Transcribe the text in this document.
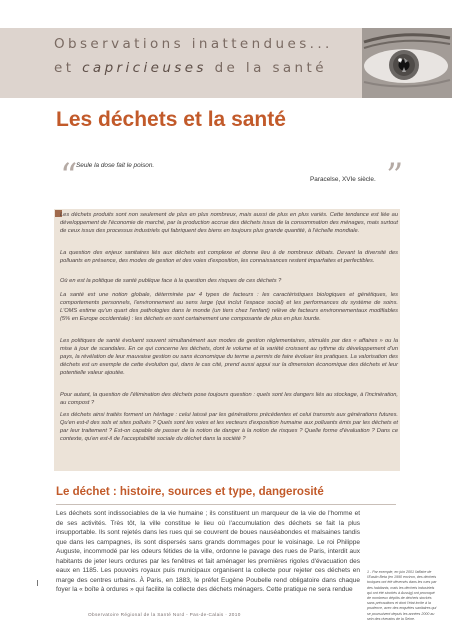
Observations inattendues...
et capricieuses de la santé
Les déchets et la santé
“
Seule la dose fait le poison.
Paracelse, XVIe siècle. ”

Les déchets produits sont non seulement de plus en plus nombreux, mais aussi de plus en plus variés. Cette tendance est liée au développement de l'économie de marché, par la production accrue des déchets issus de la consommation des ménages, mais surtout de ceux issus des processus industriels qui fabriquent des biens en toujours plus grande quantité, à l'échelle mondiale.

La question des enjeux sanitaires liés aux déchets est complexe et donne lieu à de nombreux débats. Devant la diversité des polluants en présence, des modes de gestion et des voies d'exposition, les connaissances restent imparfaites et perfectibles.

Où en est la politique de santé publique face à la question des risques de ces déchets ?

La santé est une notion globale, déterminée par 4 types de facteurs : les caractéristiques biologiques et génétiques, les comportements personnels, l'environnement au sens large (qui inclut l'espace social) et les performances du système de soins. L'OMS estime qu'un quart des pathologies dans le monde (un tiers chez l'enfant) relève de facteurs environnementaux modifiables (5% en Europe occidentale) : les déchets en sont certainement une composante de plus en plus lourde.

Les politiques de santé évoluent souvent simultanément aux modes de gestion réglementaires, stimulés par des « affaires » ou la mise à jour de scandales. En ce qui concerne les déchets, dont le volume et la variété croissent au rythme du développement d'un pays, la révélation de leur mauvaise gestion ou sans économique du terme a permis de faire évoluer les pratiques. La valorisation des déchets est un exemple de cette évolution qui, dans le cas cité, prend aussi appui sur la dimension économique des déchets et leur potentielle valeur ajoutée.

Pour autant, la question de l'élimination des déchets pose toujours question : quels sont les dangers liés au stockage, à l'incinération, au compost ?

Les déchets ainsi traités forment un héritage : celui laissé par les générations précédentes et celui transmis aux générations futures. Qu'en est-il des sols et sites pollués ? Quels sont les voies et les vecteurs d'exposition humaine aux polluants émis par les déchets et par leur traitement ? Est-on capable de passer de la notion de danger à la notion de risques ? Quelle forme d'évaluation ? Dans ce contexte, qu'en est-il de l'acceptabilité sociale du déchet dans la société ?

Le déchet : histoire, sources et type, dangerosité

Les déchets sont indissociables de la vie humaine ; ils constituent un marqueur de la vie de l'homme et de ses activités. Très tôt, la ville constitue le lieu où l'accumulation des déchets se fait la plus insupportable. Ils sont rejetés dans les rues qui se couvrent de boues nauséabondes et malsaines tandis que dans les campagnes, ils sont dispersés sans grands dommages pour le voisinage. Le roi Philippe Auguste, incommodé par les odeurs fétides de la ville, ordonne le pavage des rues de Paris, interdit aux habitants de jeter leurs ordures par les fenêtres et fait aménager les premières rigoles d'évacuation des eaux en 1185. Les pouvoirs royaux puis municipaux organisent la collecte pour rejeter ces déchets en marge des centres urbains. À Paris, en 1883, le préfet Eugène Poubelle rend obligatoire dans chaque foyer la « boîte à ordures » qui facilite la collecte des déchets ménagers. Cette pratique ne sera rendue

1 - Par exemple, en juin 2001 l'affaire de l'Eastin Beta (en 1990 environ, des déchets toxiques ont été déversés dans les rues par des habitants, mais les déchets industriels qui ont été stockés à Aussig) ont provoqué de nombreux dépôts de déchets stockés sans précautions et dont l'état incite à la prudence, avec des enquêtes sanitaires qui se poursuivent depuis les années 2000 au sein des riverains de la Seine.

Observatoire Régional de la Santé Nord - Pas-de-Calais · 2010
